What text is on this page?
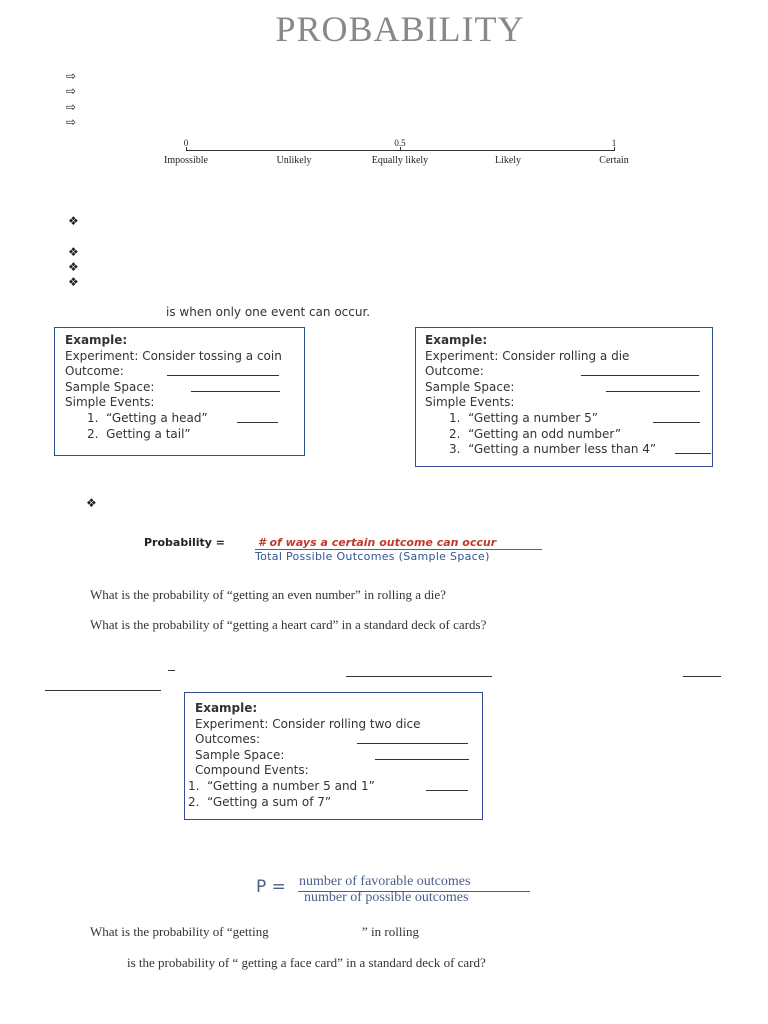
PROBABILITY
⇨
⇨
⇨
⇨
0	0.5	1
Impossible	Unlikely	Equally likely	Likely	Certain
❖
❖
❖
❖
is when only one event can occur.
Example:
Experiment: Consider tossing a coin
Outcome:
Sample Space:
Simple Events:
1.  “Getting a head”
2.  Getting a tail”
Example:
Experiment: Consider rolling a die
Outcome:
Sample Space:
Simple Events:
1.  “Getting a number 5”
2.  “Getting an odd number”
3.  “Getting a number less than 4”
❖
Probability =	# of ways a certain outcome can occur
Total Possible Outcomes (Sample Space)
What is the probability of “getting an even number” in rolling a die?
What is the probability of “getting a heart card” in a standard deck of cards?
Example:
Experiment: Consider rolling two dice
Outcomes:
Sample Space:
Compound Events:
1.  “Getting a number 5 and 1”
2.  “Getting a sum of 7”
P = number of favorable outcomes
number of possible outcomes
What is the probability of “getting	” in rolling
is the probability of “ getting a face card” in a standard deck of card?
